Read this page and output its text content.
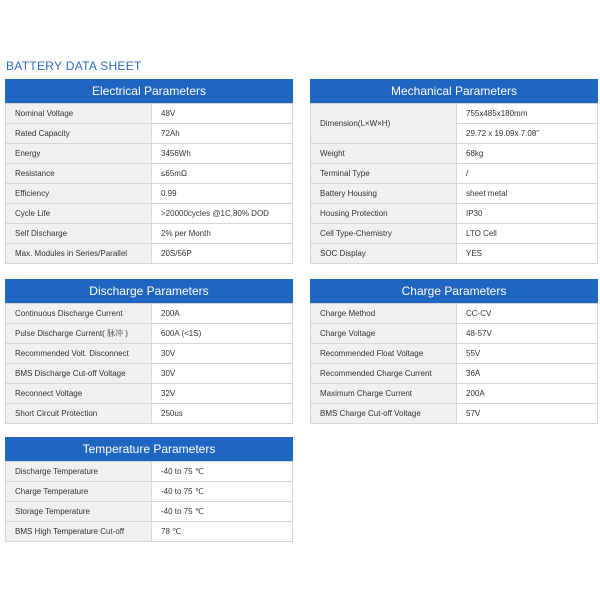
BATTERY DATA SHEET
Electrical Parameters
Nominal Voltage	48V
Rated Capacity	72Ah
Energy	3456Wh
Resistance	≤65mΩ
Efficiency	0.99
Cycle Life	>20000cycles @1C,80% DOD
Self Discharge	2% per Month
Max. Modules in Series/Parallel	20S/56P
Mechanical Parameters
Dimension(L×W×H)	755x485x180mm
	29.72 x 19.09x 7.08"
Weight	68kg
Terminal Type	/
Battery Housing	sheet metal
Housing Protection	IP30
Cell Type-Chemistry	LTO Cell
SOC Display	YES
Discharge Parameters
Continuous Discharge Current	200A
Pulse Discharge Current( 脉冲 )	600A (<1S)
Recommended Volt. Disconnect	30V
BMS Discharge Cut-off Voltage	30V
Reconnect Voltage	32V
Short Circuit Protection	250us
Charge Parameters
Charge Method	CC-CV
Charge Voltage	48-57V
Recommended Float Voltage	55V
Recommended Charge Current	36A
Maximum Charge Current	200A
BMS Charge Cut-off Voltage	57V
Temperature Parameters
Discharge Temperature	-40 to 75 ℃
Charge Temperature	-40 to 75 ℃
Storage Temperature	-40 to 75 ℃
BMS High Temperature Cut-off	78 ℃
